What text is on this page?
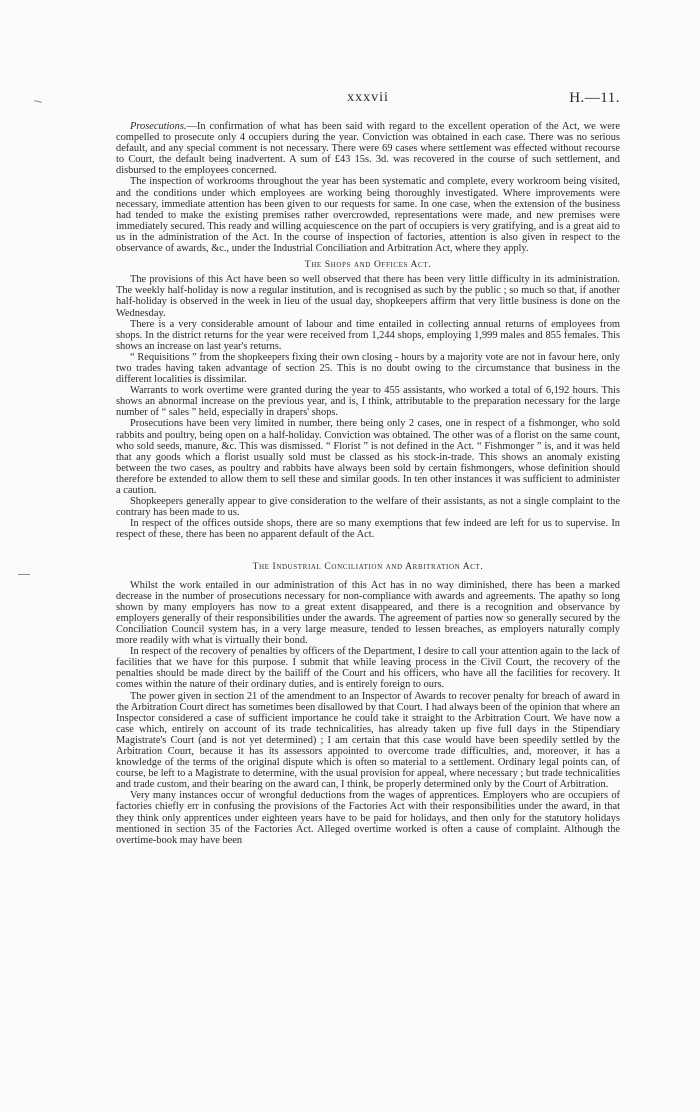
xxxvii	H.—11.

Prosecutions.—In confirmation of what has been said with regard to the excellent operation of the Act, we were compelled to prosecute only 4 occupiers during the year. Conviction was obtained in each case. There was no serious default, and any special comment is not necessary. There were 69 cases where settlement was effected without recourse to Court, the default being inadvertent. A sum of £43 15s. 3d. was recovered in the course of such settlement, and disbursed to the employees concerned.

The inspection of workrooms throughout the year has been systematic and complete, every workroom being visited, and the conditions under which employees are working being thoroughly investigated. Where improvements were necessary, immediate attention has been given to our requests for same. In one case, when the extension of the business had tended to make the existing premises rather overcrowded, representations were made, and new premises were immediately secured. This ready and willing acquiescence on the part of occupiers is very gratifying, and is a great aid to us in the administration of the Act. In the course of inspection of factories, attention is also given in respect to the observance of awards, &c., under the Industrial Conciliation and Arbitration Act, where they apply.

The Shops and Offices Act.

The provisions of this Act have been so well observed that there has been very little difficulty in its administration. The weekly half-holiday is now a regular institution, and is recognised as such by the public ; so much so that, if another half-holiday is observed in the week in lieu of the usual day, shopkeepers affirm that very little business is done on the Wednesday.

There is a very considerable amount of labour and time entailed in collecting annual returns of employees from shops. In the district returns for the year were received from 1,244 shops, employing 1,999 males and 855 females. This shows an increase on last year's returns.

“ Requisitions ” from the shopkeepers fixing their own closing - hours by a majority vote are not in favour here, only two trades having taken advantage of section 25. This is no doubt owing to the circumstance that business in the different localities is dissimilar.

Warrants to work overtime were granted during the year to 455 assistants, who worked a total of 6,192 hours. This shows an abnormal increase on the previous year, and is, I think, attributable to the preparation necessary for the large number of “ sales ” held, especially in drapers' shops.

Prosecutions have been very limited in number, there being only 2 cases, one in respect of a fishmonger, who sold rabbits and poultry, being open on a half-holiday. Conviction was obtained. The other was of a florist on the same count, who sold seeds, manure, &c. This was dismissed. “ Florist ” is not defined in the Act. “ Fishmonger ” is, and it was held that any goods which a florist usually sold must be classed as his stock-in-trade. This shows an anomaly existing between the two cases, as poultry and rabbits have always been sold by certain fishmongers, whose definition should therefore be extended to allow them to sell these and similar goods. In ten other instances it was sufficient to administer a caution.

Shopkeepers generally appear to give consideration to the welfare of their assistants, as not a single complaint to the contrary has been made to us.

In respect of the offices outside shops, there are so many exemptions that few indeed are left for us to supervise. In respect of these, there has been no apparent default of the Act.

The Industrial Conciliation and Arbitration Act.

Whilst the work entailed in our administration of this Act has in no way diminished, there has been a marked decrease in the number of prosecutions necessary for non-compliance with awards and agreements. The apathy so long shown by many employers has now to a great extent disappeared, and there is a recognition and observance by employers generally of their responsibilities under the awards. The agreement of parties now so generally secured by the Conciliation Council system has, in a very large measure, tended to lessen breaches, as employers naturally comply more readily with what is virtually their bond.

In respect of the recovery of penalties by officers of the Department, I desire to call your attention again to the lack of facilities that we have for this purpose. I submit that while leaving process in the Civil Court, the recovery of the penalties should be made direct by the bailiff of the Court and his officers, who have all the facilities for recovery. It comes within the nature of their ordinary duties, and is entirely foreign to ours.

The power given in section 21 of the amendment to an Inspector of Awards to recover penalty for breach of award in the Arbitration Court direct has sometimes been disallowed by that Court. I had always been of the opinion that where an Inspector considered a case of sufficient importance he could take it straight to the Arbitration Court. We have now a case which, entirely on account of its trade technicalities, has already taken up five full days in the Stipendiary Magistrate's Court (and is not yet determined) ; I am certain that this case would have been speedily settled by the Arbitration Court, because it has its assessors appointed to overcome trade difficulties, and, moreover, it has a knowledge of the terms of the original dispute which is often so material to a settlement. Ordinary legal points can, of course, be left to a Magistrate to determine, with the usual provision for appeal, where necessary ; but trade technicalities and trade custom, and their bearing on the award can, I think, be properly determined only by the Court of Arbitration.

Very many instances occur of wrongful deductions from the wages of apprentices. Employers who are occupiers of factories chiefly err in confusing the provisions of the Factories Act with their responsibilities under the award, in that they think only apprentices under eighteen years have to be paid for holidays, and then only for the statutory holidays mentioned in section 35 of the Factories Act. Alleged overtime worked is often a cause of complaint. Although the overtime-book may have been
